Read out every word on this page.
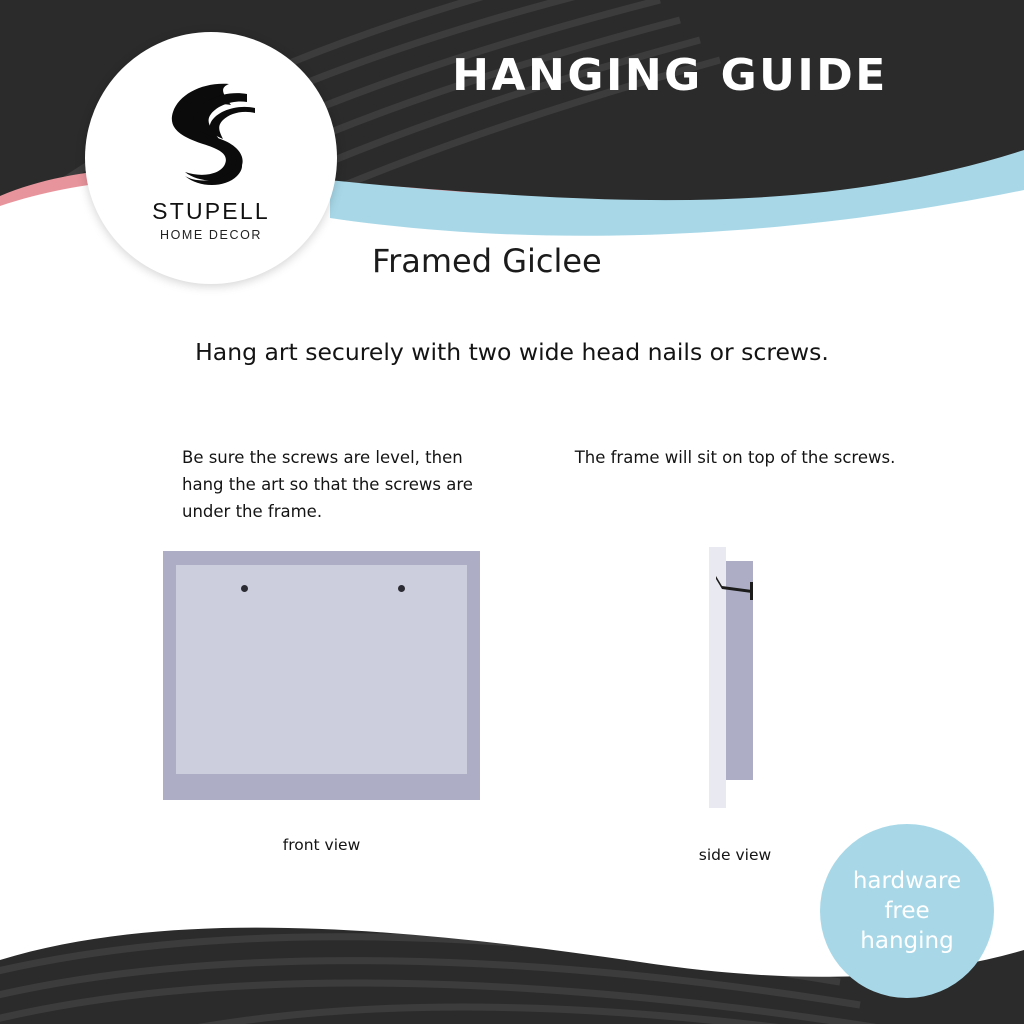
HANGING GUIDE
STUPELL
HOME DECOR
Framed Giclee
Hang art securely with two wide head nails or screws.
Be sure the screws are level, then hang the art so that the screws are under the frame.
front view
The frame will sit on top of the screws.
side view
hardware
free
hanging
